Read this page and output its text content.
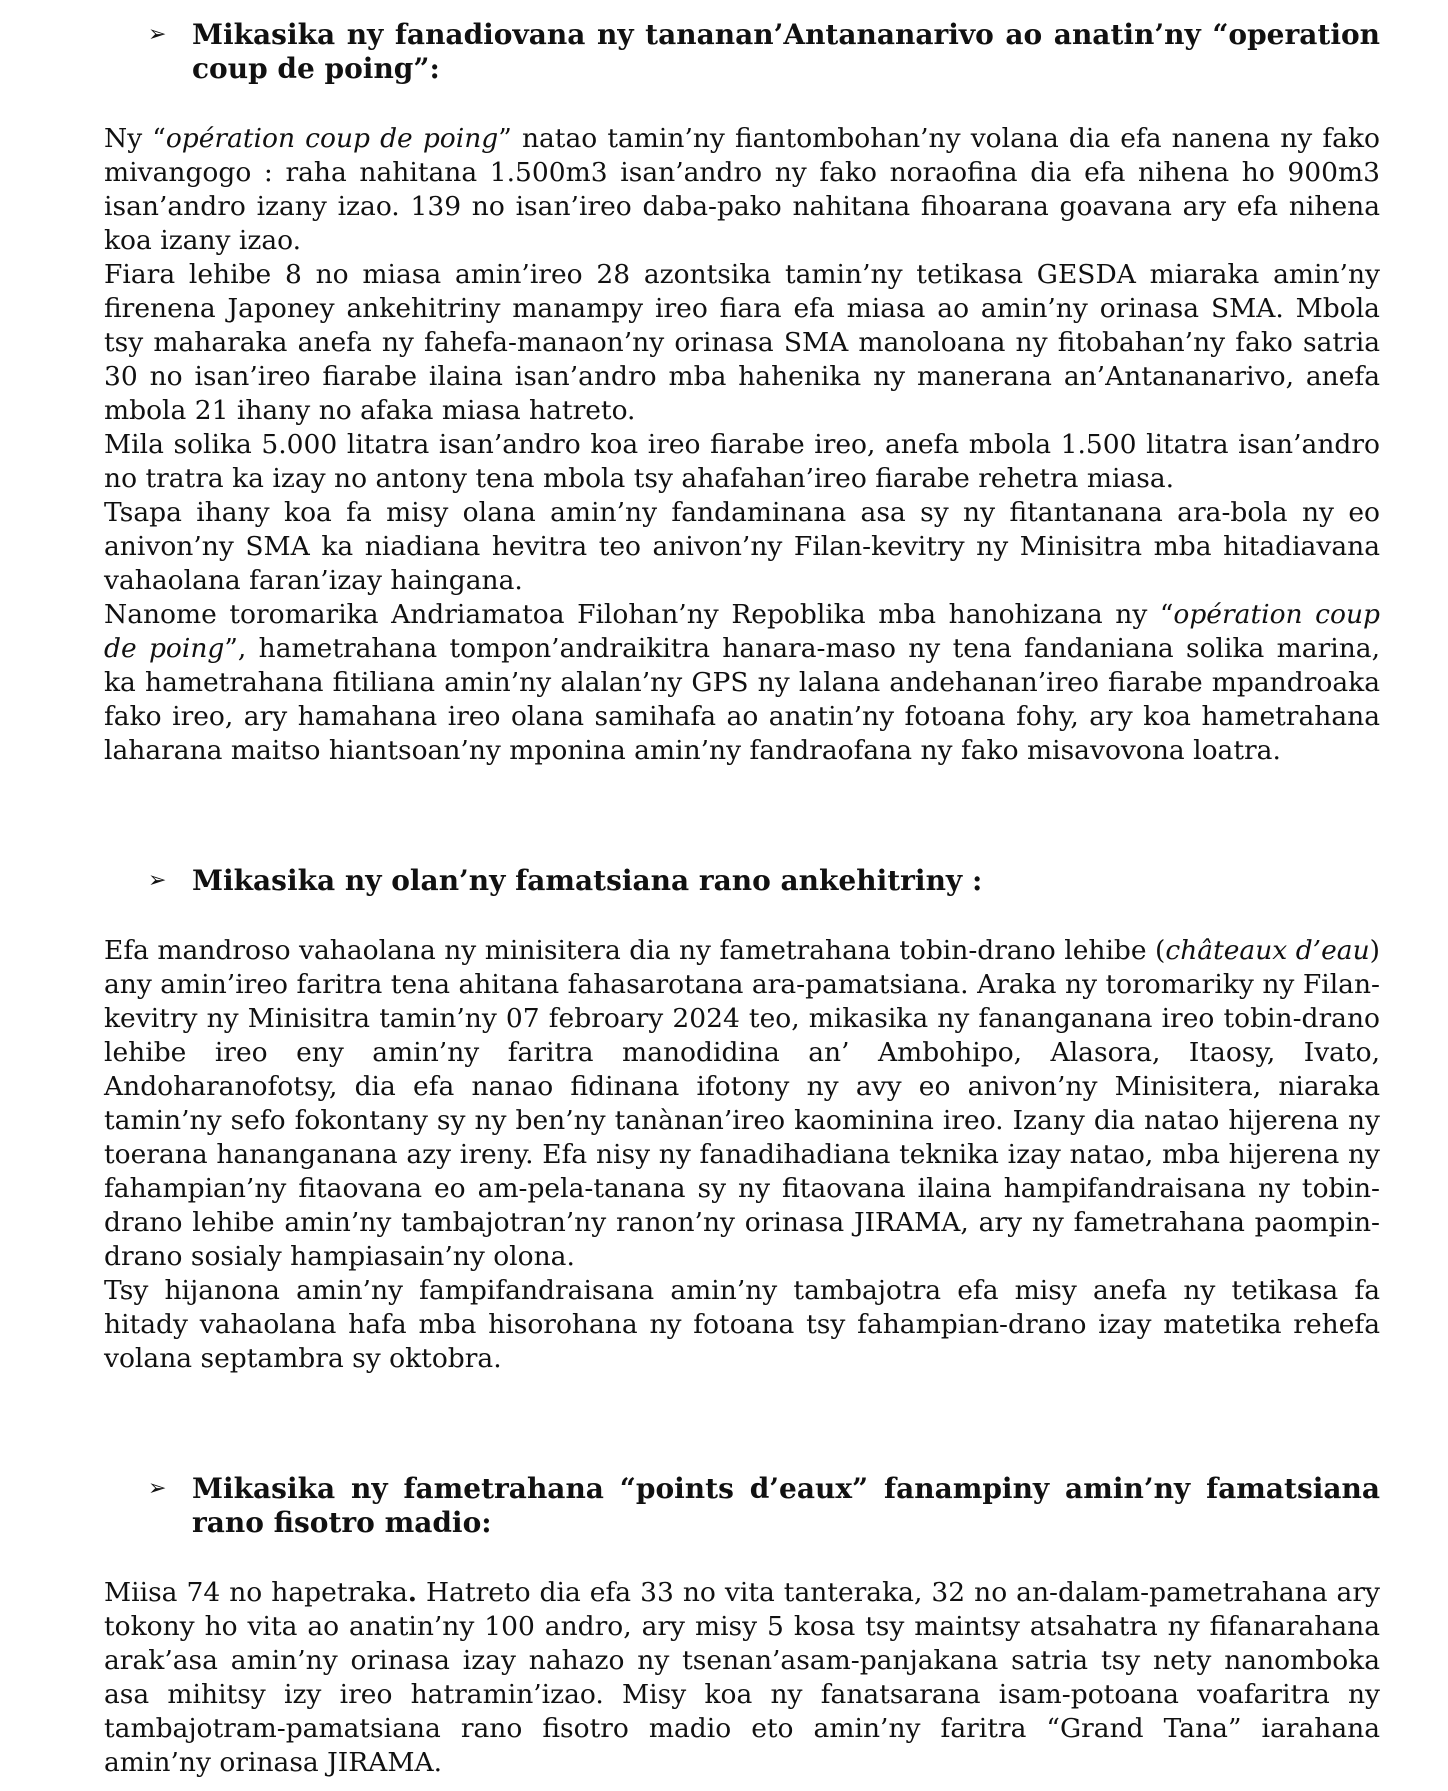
➢ Mikasika ny fanadiovana ny tananan’Antananarivo ao anatin’ny “operation coup de poing”:

Ny “opération coup de poing” natao tamin’ny fiantombohan’ny volana dia efa nanena ny fako mivangogo : raha nahitana 1.500m3 isan’andro ny fako noraofina dia efa nihena ho 900m3 isan’andro izany izao. 139 no isan’ireo daba-pako nahitana fihoarana goavana ary efa nihena koa izany izao.

Fiara lehibe 8 no miasa amin’ireo 28 azontsika tamin’ny tetikasa GESDA miaraka amin’ny firenena Japoney ankehitriny manampy ireo fiara efa miasa ao amin’ny orinasa SMA. Mbola tsy maharaka anefa ny fahefa-manaon’ny orinasa SMA manoloana ny fitobahan’ny fako satria 30 no isan’ireo fiarabe ilaina isan’andro mba hahenika ny manerana an’Antananarivo, anefa mbola 21 ihany no afaka miasa hatreto.

Mila solika 5.000 litatra isan’andro koa ireo fiarabe ireo, anefa mbola 1.500 litatra isan’andro no tratra ka izay no antony tena mbola tsy ahafahan’ireo fiarabe rehetra miasa.

Tsapa ihany koa fa misy olana amin’ny fandaminana asa sy ny fitantanana ara-bola ny eo anivon’ny SMA ka niadiana hevitra teo anivon’ny Filan-kevitry ny Minisitra mba hitadiavana vahaolana faran’izay haingana.

Nanome toromarika Andriamatoa Filohan’ny Repoblika mba hanohizana ny “opération coup de poing”, hametrahana tompon’andraikitra hanara-maso ny tena fandaniana solika marina, ka hametrahana fitiliana amin’ny alalan’ny GPS ny lalana andehanan’ireo fiarabe mpandroaka fako ireo, ary hamahana ireo olana samihafa ao anatin’ny fotoana fohy, ary koa hametrahana laharana maitso hiantsoan’ny mponina amin’ny fandraofana ny fako misavovona loatra.

➢ Mikasika ny olan’ny famatsiana rano ankehitriny :

Efa mandroso vahaolana ny minisitera dia ny fametrahana tobin-drano lehibe (châteaux d’eau) any amin’ireo faritra tena ahitana fahasarotana ara-pamatsiana. Araka ny toromariky ny Filan-kevitry ny Minisitra tamin’ny 07 febroary 2024 teo, mikasika ny fananganana ireo tobin-drano lehibe ireo eny amin’ny faritra manodidina an’ Ambohipo, Alasora, Itaosy, Ivato, Andoharanofotsy, dia efa nanao fidinana ifotony ny avy eo anivon’ny Minisitera, niaraka tamin’ny sefo fokontany sy ny ben’ny tanànan’ireo kaominina ireo. Izany dia natao hijerena ny toerana hananganana azy ireny. Efa nisy ny fanadihadiana teknika izay natao, mba hijerena ny fahampian’ny fitaovana eo am-pela-tanana sy ny fitaovana ilaina hampifandraisana ny tobin-drano lehibe amin’ny tambajotran’ny ranon’ny orinasa JIRAMA, ary ny fametrahana paompin-drano sosialy hampiasain’ny olona.

Tsy hijanona amin’ny fampifandraisana amin’ny tambajotra efa misy anefa ny tetikasa fa hitady vahaolana hafa mba hisorohana ny fotoana tsy fahampian-drano izay matetika rehefa volana septambra sy oktobra.

➢ Mikasika ny fametrahana “points d’eaux” fanampiny amin’ny famatsiana rano fisotro madio:

Miisa 74 no hapetraka. Hatreto dia efa 33 no vita tanteraka, 32 no an-dalam-pametrahana ary tokony ho vita ao anatin’ny 100 andro, ary misy 5 kosa tsy maintsy atsahatra ny fifanarahana arak’asa amin’ny orinasa izay nahazo ny tsenan’asam-panjakana satria tsy nety nanomboka asa mihitsy izy ireo hatramin’izao. Misy koa ny fanatsarana isam-potoana voafaritra ny tambajotram-pamatsiana rano fisotro madio eto amin’ny faritra “Grand Tana” iarahana amin’ny orinasa JIRAMA.
